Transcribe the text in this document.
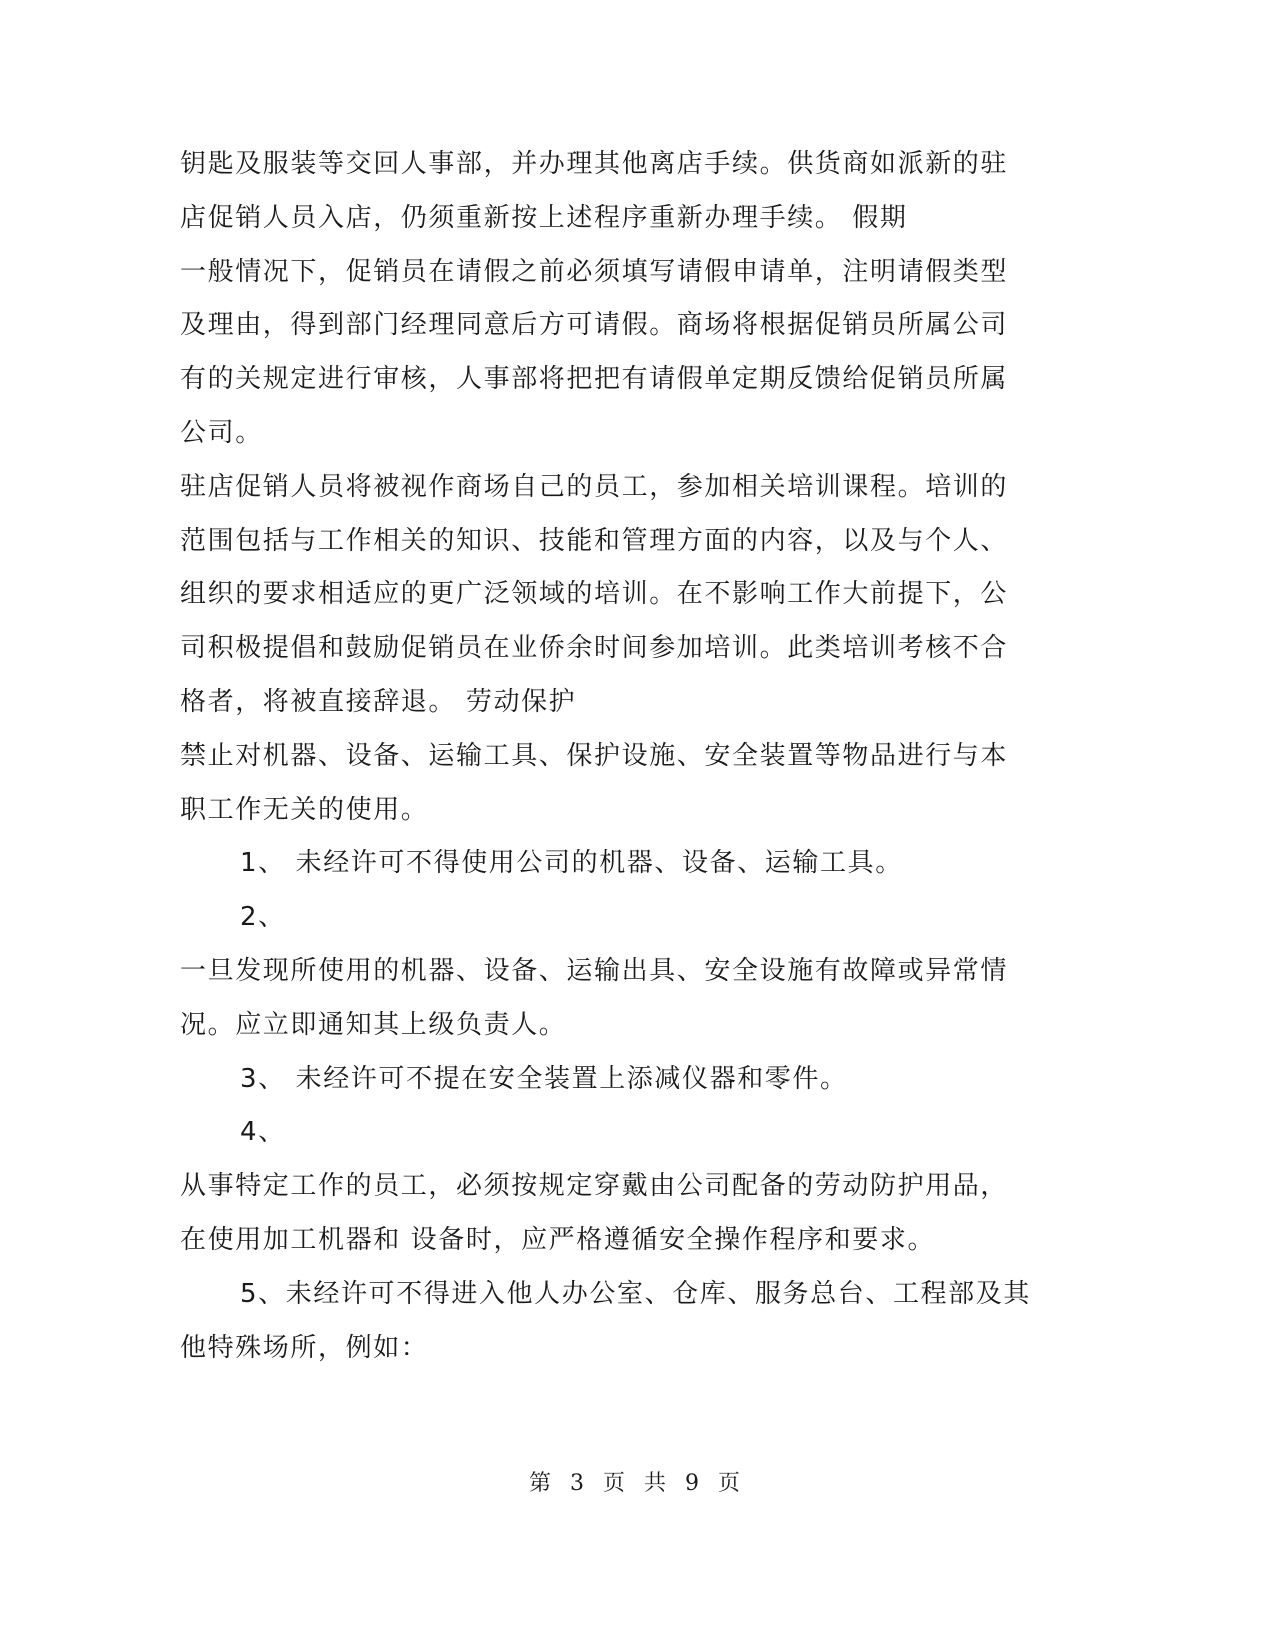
钥匙及服装等交回人事部，并办理其他离店手续。供货商如派新的驻
店促销人员入店，仍须重新按上述程序重新办理手续。 假期
一般情况下，促销员在请假之前必须填写请假申请单，注明请假类型
及理由，得到部门经理同意后方可请假。商场将根据促销员所属公司
有的关规定进行审核，人事部将把把有请假单定期反馈给促销员所属
公司。
驻店促销人员将被视作商场自己的员工，参加相关培训课程。培训的
范围包括与工作相关的知识、技能和管理方面的内容，以及与个人、
组织的要求相适应的更广泛领域的培训。在不影响工作大前提下，公
司积极提倡和鼓励促销员在业侨余时间参加培训。此类培训考核不合
格者，将被直接辞退。 劳动保护
禁止对机器、设备、运输工具、保护设施、安全装置等物品进行与本
职工作无关的使用。
1、 未经许可不得使用公司的机器、设备、运输工具。
2、
一旦发现所使用的机器、设备、运输出具、安全设施有故障或异常情
况。应立即通知其上级负责人。
3、 未经许可不提在安全装置上添减仪器和零件。
4、
从事特定工作的员工，必须按规定穿戴由公司配备的劳动防护用品，
在使用加工机器和 设备时，应严格遵循安全操作程序和要求。
5、未经许可不得进入他人办公室、仓库、服务总台、工程部及其
他特殊场所，例如：
第 3 页 共 9 页
